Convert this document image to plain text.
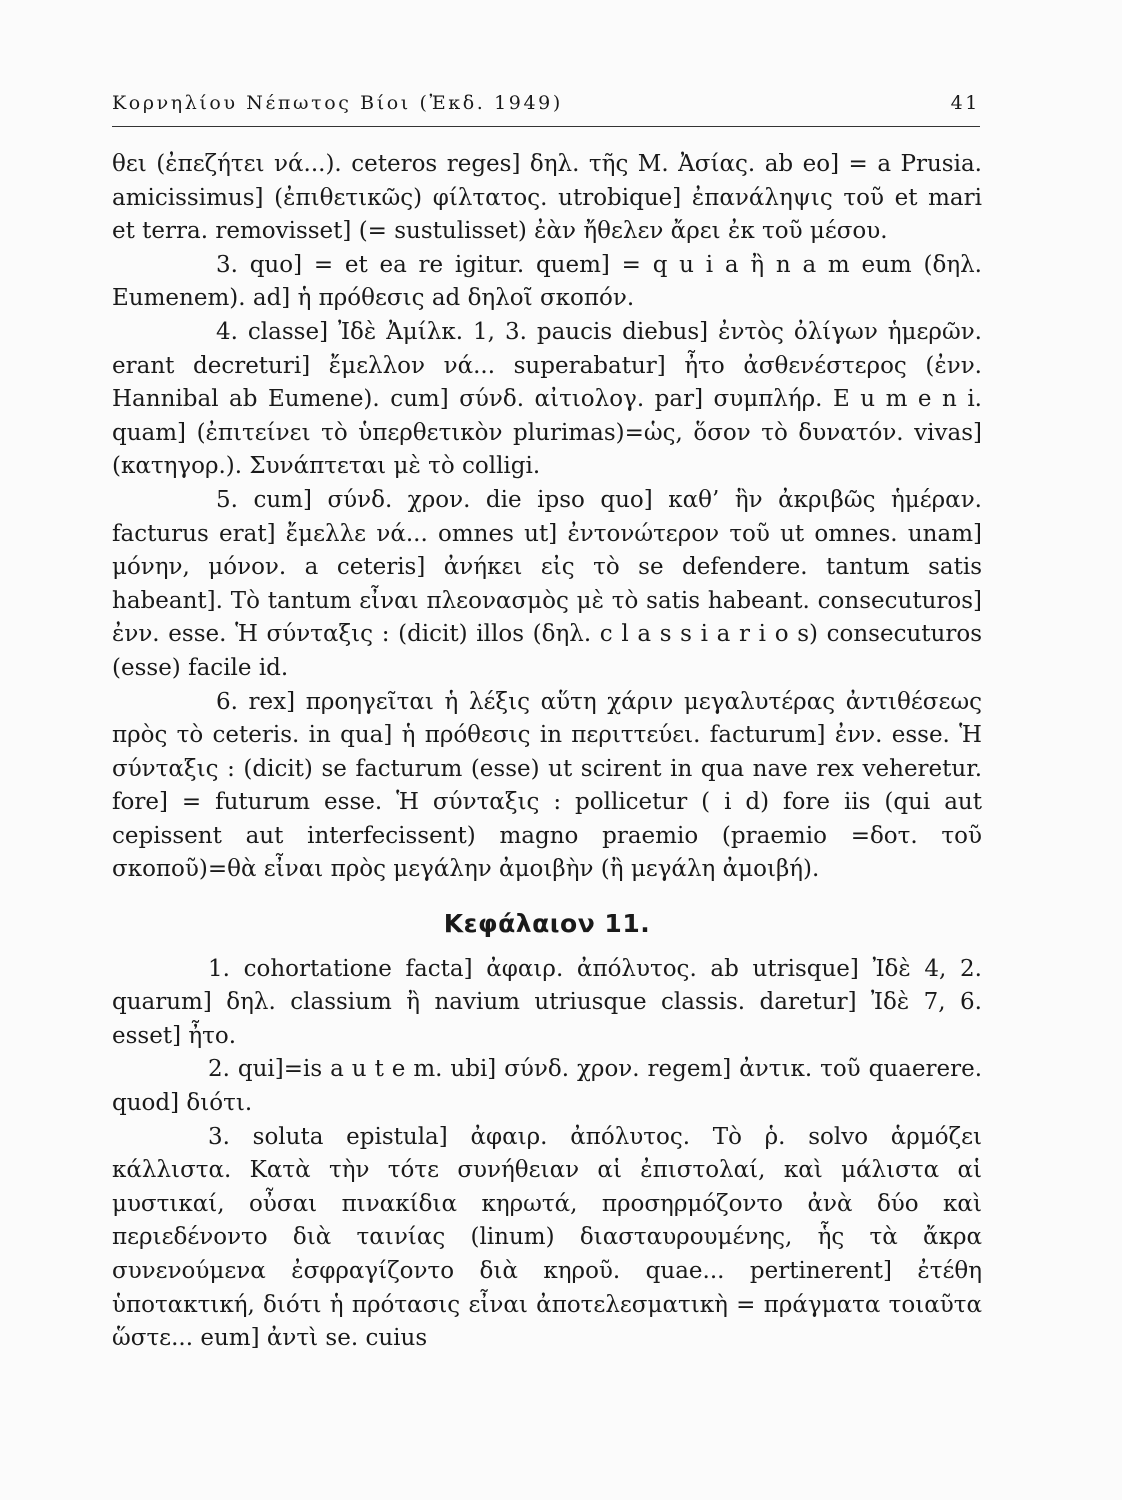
Κορνηλίου Νέπωτος Βίοι (Ἐκδ. 1949)	41

θει (ἐπεζήτει νά...). ceteros reges] δηλ. τῆς Μ. Ἀσίας. ab eo] = a Prusia. amicissimus] (ἐπιθετικῶς) φίλτατος. utrobique] ἐπανάληψις τοῦ et mari et terra. removisset] (= sustulisset) ἐὰν ἤθελεν ἄρει ἐκ τοῦ μέσου.

3. quo] = et ea re igitur. quem] = q u i a ἢ n a m eum (δηλ. Eumenem). ad] ἡ πρόθεσις ad δηλοῖ σκοπόν.

4. classe] Ἰδὲ Ἀμίλκ. 1, 3. paucis diebus] ἐντὸς ὀλίγων ἡμερῶν. erant decreturi] ἔμελλον νά... superabatur] ἦτο ἀσθενέστερος (ἐνν. Hannibal ab Eumene). cum] σύνδ. αἰτιολογ. par] συμπλήρ. E u m e n i. quam] (ἐπιτείνει τὸ ὑπερθετικὸν plurimas)=ὡς, ὅσον τὸ δυνατόν. vivas] (κατηγορ.). Συνάπτεται μὲ τὸ colligi.

5. cum] σύνδ. χρον. die ipso quo] καθ’ ἣν ἀκριβῶς ἡμέραν. facturus erat] ἔμελλε νά... omnes ut] ἐντονώτερον τοῦ ut omnes. unam] μόνην, μόνον. a ceteris] ἀνήκει εἰς τὸ se defendere. tantum satis habeant]. Τὸ tantum εἶναι πλεονασμὸς μὲ τὸ satis habeant. consecuturos] ἐνν. esse. Ἡ σύνταξις : (dicit) illos (δηλ. c l a s s i a r i o s) consecuturos (esse) facile id.

6. rex] προηγεῖται ἡ λέξις αὕτη χάριν μεγαλυτέρας ἀντιθέσεως πρὸς τὸ ceteris. in qua] ἡ πρόθεσις in περιττεύει. facturum] ἐνν. esse. Ἡ σύνταξις : (dicit) se facturum (esse) ut scirent in qua nave rex veheretur. fore] = futurum esse. Ἡ σύνταξις : pollicetur ( i d) fore iis (qui aut cepissent aut interfecissent) magno praemio (praemio =δοτ. τοῦ σκοποῦ)=θὰ εἶναι πρὸς μεγάλην ἀμοιβὴν (ἢ μεγάλη ἀμοιβή).

Κεφάλαιον 11.

1. cohortatione facta] ἀφαιρ. ἀπόλυτος. ab utrisque] Ἰδὲ 4, 2. quarum] δηλ. classium ἢ navium utriusque classis. daretur] Ἰδὲ 7, 6. esset] ἦτο.

2. qui]=is a u t e m. ubi] σύνδ. χρον. regem] ἀντικ. τοῦ quaerere. quod] διότι.

3. soluta epistula] ἀφαιρ. ἀπόλυτος. Τὸ ῥ. solvo ἁρμόζει κάλλιστα. Κατὰ τὴν τότε συνήθειαν αἱ ἐπιστολαί, καὶ μάλιστα αἱ μυστικαί, οὖσαι πινακίδια κηρωτά, προσηρμόζοντο ἀνὰ δύο καὶ περιεδένοντο διὰ ταινίας (linum) διασταυρουμένης, ἧς τὰ ἄκρα συνενούμενα ἐσφραγίζοντο διὰ κηροῦ. quae... pertinerent] ἐτέθη ὑποτακτική, διότι ἡ πρότασις εἶναι ἀποτελεσματικὴ = πράγματα τοιαῦτα ὥστε... eum] ἀντὶ se. cuius
